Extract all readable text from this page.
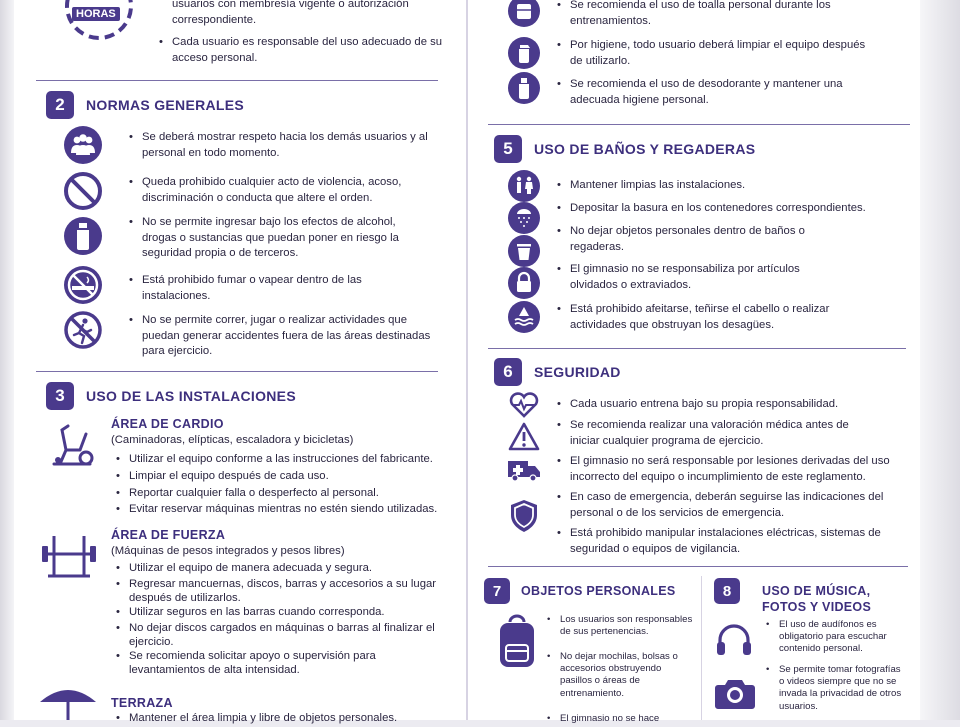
HORAS
usuarios con membresía vigente o autorización correspondiente.
• Cada usuario es responsable del uso adecuado de su acceso personal.
2	NORMAS GENERALES
• Se deberá mostrar respeto hacia los demás usuarios y al personal en todo momento.
• Queda prohibido cualquier acto de violencia, acoso, discriminación o conducta que altere el orden.
• No se permite ingresar bajo los efectos de alcohol, drogas o sustancias que puedan poner en riesgo la seguridad propia o de terceros.
• Está prohibido fumar o vapear dentro de las instalaciones.
• No se permite correr, jugar o realizar actividades que puedan generar accidentes fuera de las áreas destinadas para ejercicio.
3	USO DE LAS INSTALACIONES
ÁREA DE CARDIO
(Caminadoras, elípticas, escaladora y bicicletas)
• Utilizar el equipo conforme a las instrucciones del fabricante.
• Limpiar el equipo después de cada uso.
• Reportar cualquier falla o desperfecto al personal.
• Evitar reservar máquinas mientras no estén siendo utilizadas.
ÁREA DE FUERZA
(Máquinas de pesos integrados y pesos libres)
• Utilizar el equipo de manera adecuada y segura.
• Regresar mancuernas, discos, barras y accesorios a su lugar después de utilizarlos.
• Utilizar seguros en las barras cuando corresponda.
• No dejar discos cargados en máquinas o barras al finalizar el ejercicio.
• Se recomienda solicitar apoyo o supervisión para levantamientos de alta intensidad.
TERRAZA
• Mantener el área limpia y libre de objetos personales.
• Se recomienda el uso de toalla personal durante los entrenamientos.
• Por higiene, todo usuario deberá limpiar el equipo después de utilizarlo.
• Se recomienda el uso de desodorante y mantener una adecuada higiene personal.
5	USO DE BAÑOS Y REGADERAS
• Mantener limpias las instalaciones.
• Depositar la basura en los contenedores correspondientes.
• No dejar objetos personales dentro de baños o regaderas.
• El gimnasio no se responsabiliza por artículos olvidados o extraviados.
• Está prohibido afeitarse, teñirse el cabello o realizar actividades que obstruyan los desagües.
6	SEGURIDAD
• Cada usuario entrena bajo su propia responsabilidad.
• Se recomienda realizar una valoración médica antes de iniciar cualquier programa de ejercicio.
• El gimnasio no será responsable por lesiones derivadas del uso incorrecto del equipo o incumplimiento de este reglamento.
• En caso de emergencia, deberán seguirse las indicaciones del personal o de los servicios de emergencia.
• Está prohibido manipular instalaciones eléctricas, sistemas de seguridad o equipos de vigilancia.
7	OBJETOS PERSONALES
• Los usuarios son responsables de sus pertenencias.
• No dejar mochilas, bolsas o accesorios obstruyendo pasillos o áreas de entrenamiento.
• El gimnasio no se hace
8	USO DE MÚSICA,
FOTOS Y VIDEOS
• El uso de audífonos es obligatorio para escuchar contenido personal.
• Se permite tomar fotografías o videos siempre que no se invada la privacidad de otros usuarios.
